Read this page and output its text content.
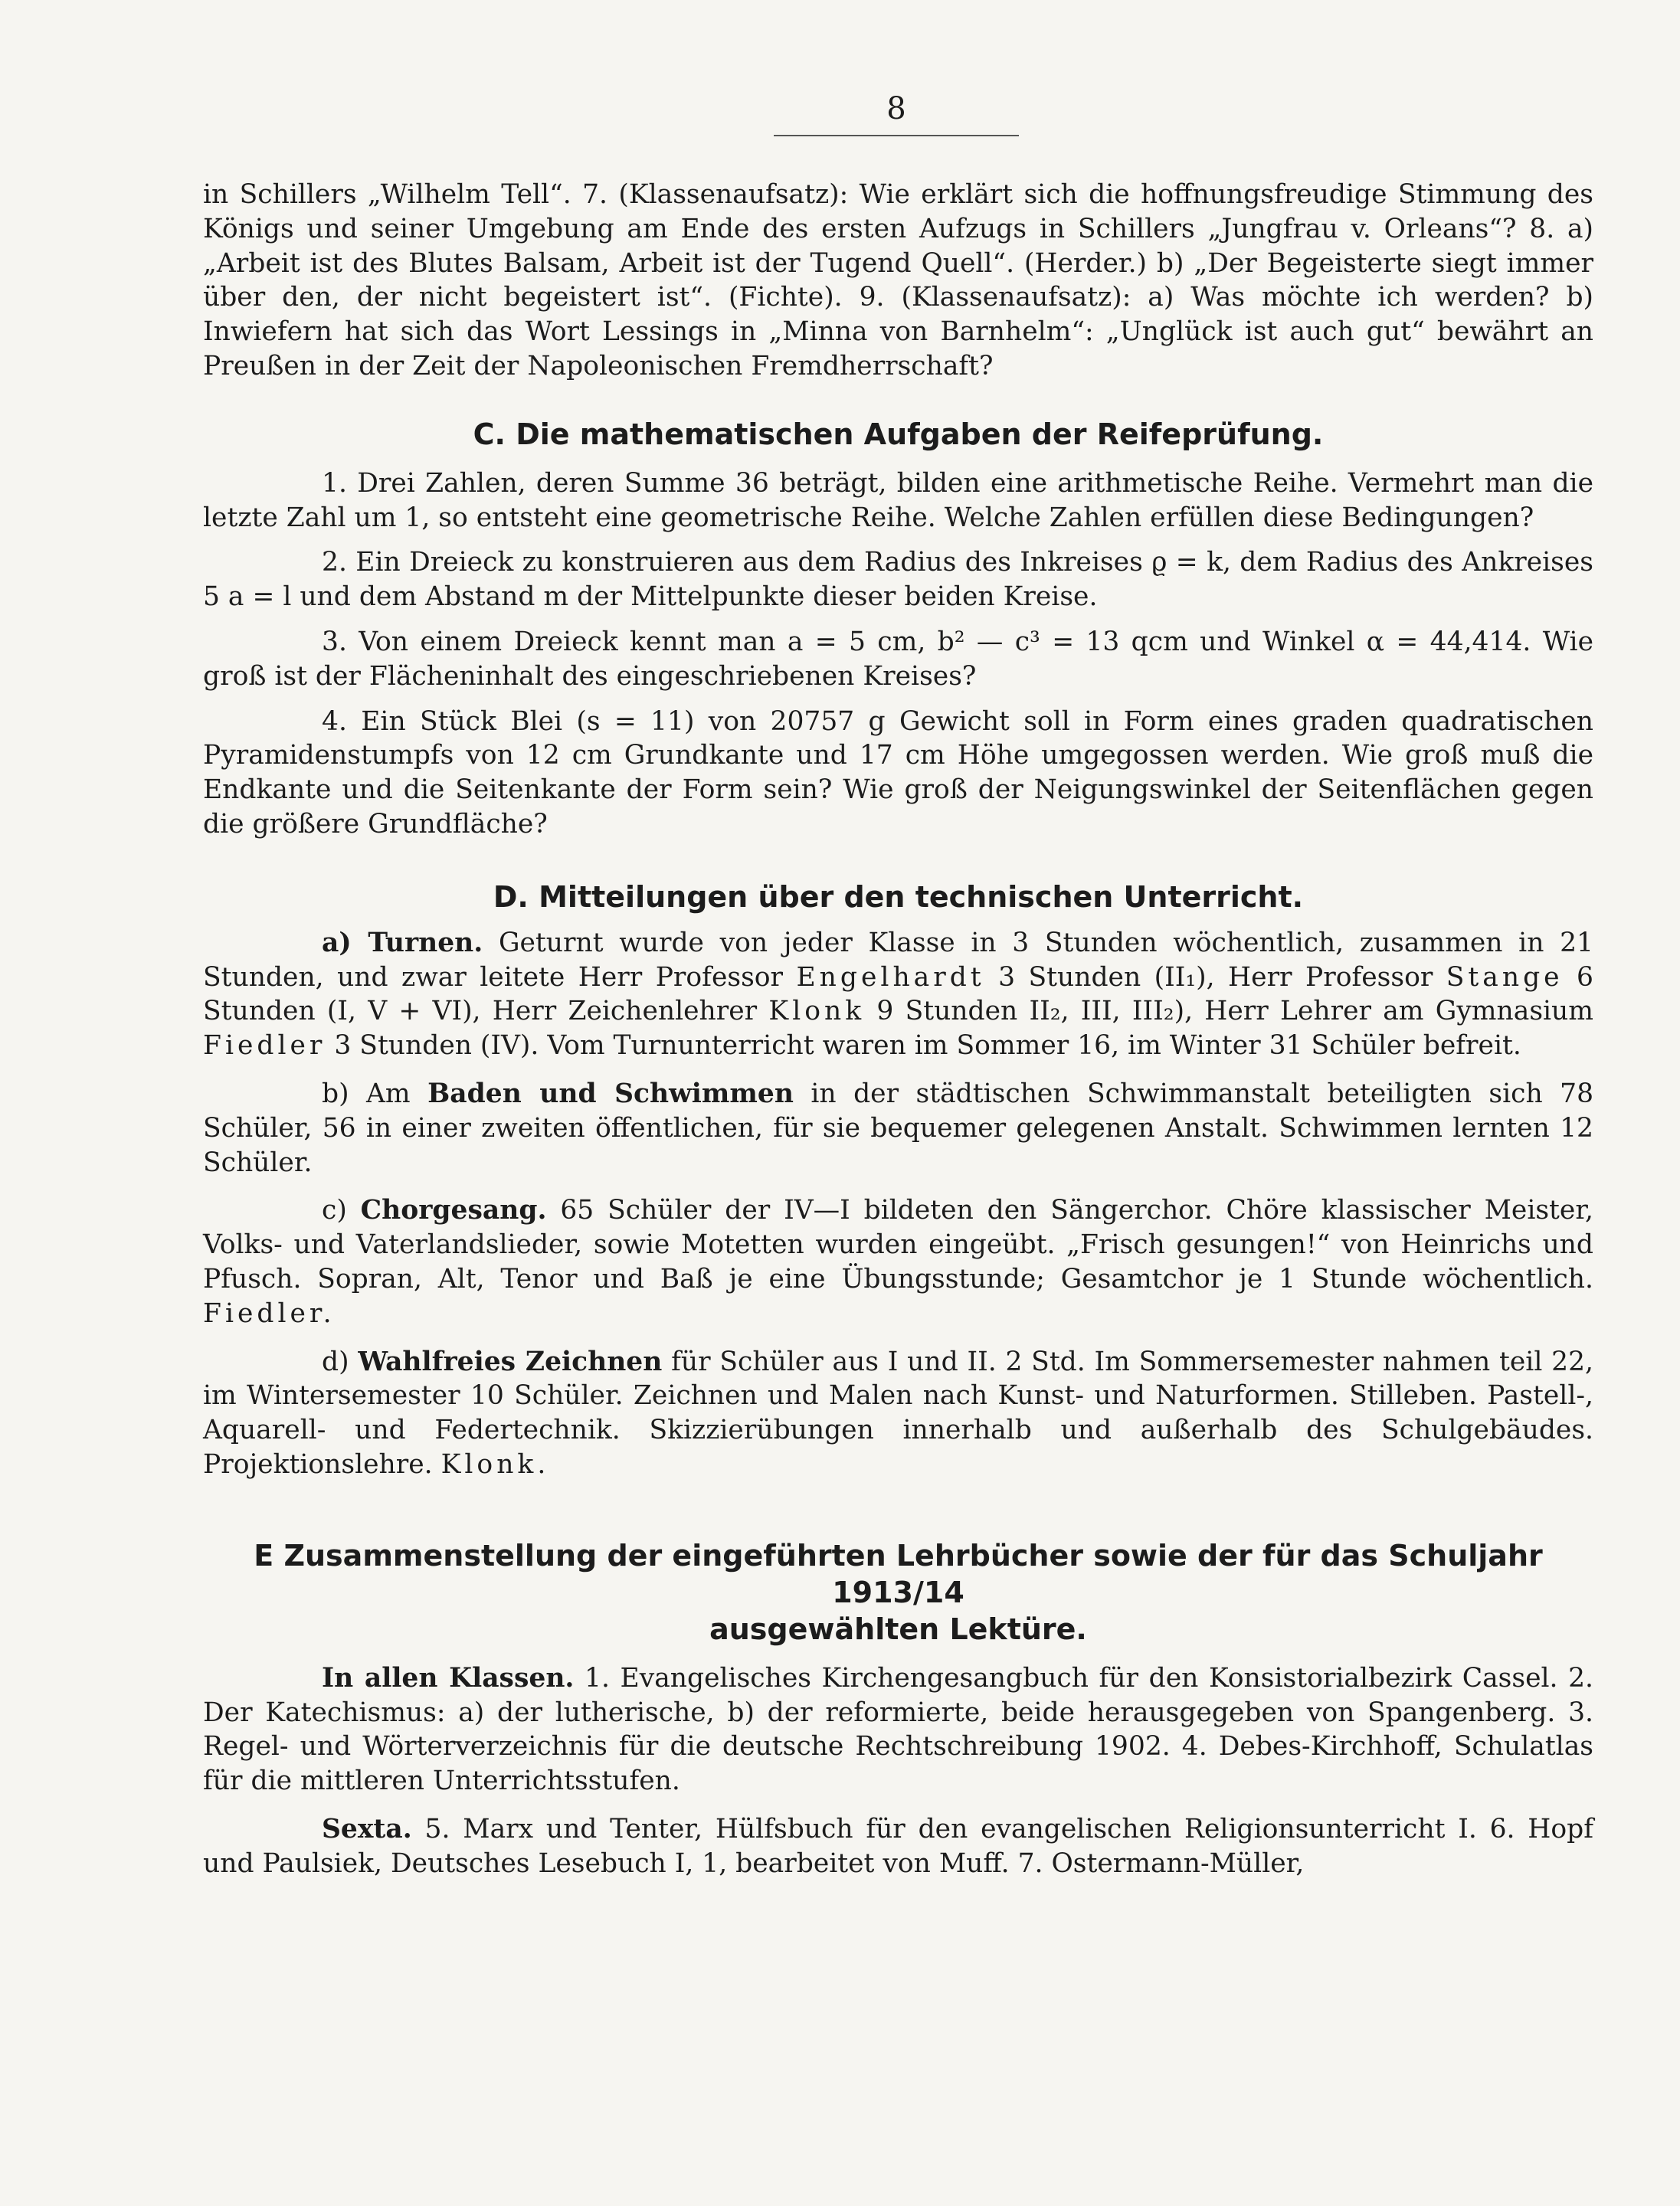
8

in Schillers „Wilhelm Tell“. 7. (Klassenaufsatz): Wie erklärt sich die hoffnungsfreudige Stimmung des Königs und seiner Umgebung am Ende des ersten Aufzugs in Schillers „Jungfrau v. Orleans“? 8. a) „Arbeit ist des Blutes Balsam, Arbeit ist der Tugend Quell“. (Herder.) b) „Der Begeisterte siegt immer über den, der nicht begeistert ist“. (Fichte). 9. (Klassenaufsatz): a) Was möchte ich werden? b) Inwiefern hat sich das Wort Lessings in „Minna von Barnhelm“: „Unglück ist auch gut“ bewährt an Preußen in der Zeit der Napoleonischen Fremdherrschaft?

C. Die mathematischen Aufgaben der Reifeprüfung.

1. Drei Zahlen, deren Summe 36 beträgt, bilden eine arithmetische Reihe. Vermehrt man die letzte Zahl um 1, so entsteht eine geometrische Reihe. Welche Zahlen erfüllen diese Bedingungen?

2. Ein Dreieck zu konstruieren aus dem Radius des Inkreises ϱ = k, dem Radius des Ankreises 5 a = l und dem Abstand m der Mittelpunkte dieser beiden Kreise.

3. Von einem Dreieck kennt man a = 5 cm, b² — c³ = 13 qcm und Winkel α = 44,414. Wie groß ist der Flächeninhalt des eingeschriebenen Kreises?

4. Ein Stück Blei (s = 11) von 20757 g Gewicht soll in Form eines graden quadratischen Pyramidenstumpfs von 12 cm Grundkante und 17 cm Höhe umgegossen werden. Wie groß muß die Endkante und die Seitenkante der Form sein? Wie groß der Neigungswinkel der Seitenflächen gegen die größere Grundfläche?

D. Mitteilungen über den technischen Unterricht.

a) Turnen. Geturnt wurde von jeder Klasse in 3 Stunden wöchentlich, zusammen in 21 Stunden, und zwar leitete Herr Professor Engelhardt 3 Stunden (II₁), Herr Professor Stange 6 Stunden (I, V + VI), Herr Zeichenlehrer Klonk 9 Stunden II₂, III, III₂), Herr Lehrer am Gymnasium Fiedler 3 Stunden (IV). Vom Turnunterricht waren im Sommer 16, im Winter 31 Schüler befreit.

b) Am Baden und Schwimmen in der städtischen Schwimmanstalt beteiligten sich 78 Schüler, 56 in einer zweiten öffentlichen, für sie bequemer gelegenen Anstalt. Schwimmen lernten 12 Schüler.

c) Chorgesang. 65 Schüler der IV—I bildeten den Sängerchor. Chöre klassischer Meister, Volks- und Vaterlandslieder, sowie Motetten wurden eingeübt. „Frisch gesungen!“ von Heinrichs und Pfusch. Sopran, Alt, Tenor und Baß je eine Übungsstunde; Gesamtchor je 1 Stunde wöchentlich. Fiedler.

d) Wahlfreies Zeichnen für Schüler aus I und II. 2 Std. Im Sommersemester nahmen teil 22, im Wintersemester 10 Schüler. Zeichnen und Malen nach Kunst- und Naturformen. Stilleben. Pastell-, Aquarell- und Federtechnik. Skizzierübungen innerhalb und außerhalb des Schulgebäudes. Projektionslehre. Klonk.

E Zusammenstellung der eingeführten Lehrbücher sowie der für das Schuljahr 1913/14

ausgewählten Lektüre.

In allen Klassen. 1. Evangelisches Kirchengesangbuch für den Konsistorialbezirk Cassel. 2. Der Katechismus: a) der lutherische, b) der reformierte, beide herausgegeben von Spangenberg. 3. Regel- und Wörterverzeichnis für die deutsche Rechtschreibung 1902. 4. Debes-Kirchhoff, Schulatlas für die mittleren Unterrichtsstufen.

Sexta. 5. Marx und Tenter, Hülfsbuch für den evangelischen Religionsunterricht I. 6. Hopf und Paulsiek, Deutsches Lesebuch I, 1, bearbeitet von Muff. 7. Ostermann-Müller,
